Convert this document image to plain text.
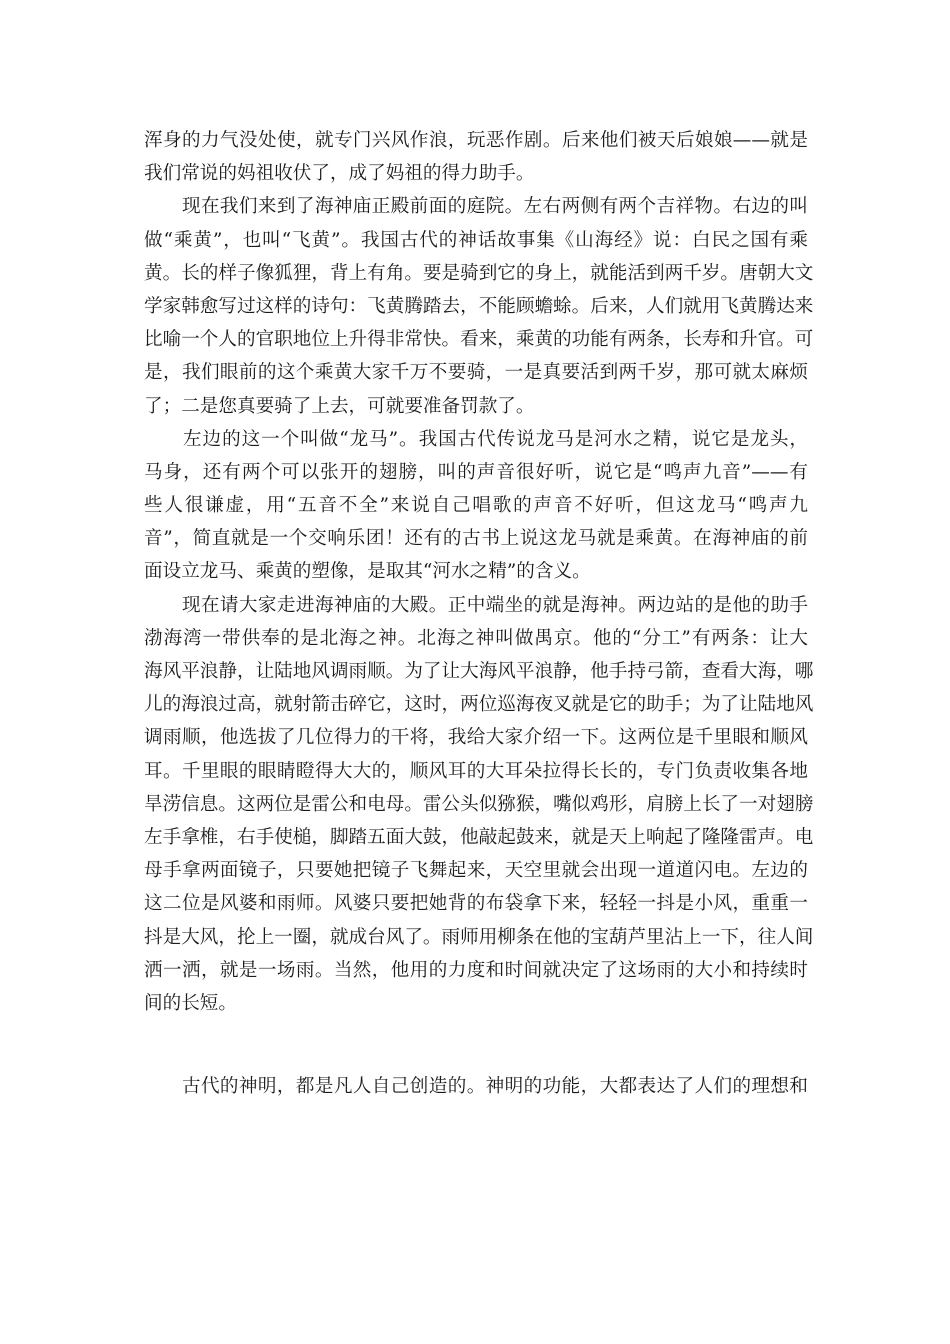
浑身的力气没处使，就专门兴风作浪，玩恶作剧。后来他们被天后娘娘——就是
我们常说的妈祖收伏了，成了妈祖的得力助手。

　　现在我们来到了海神庙正殿前面的庭院。左右两侧有两个吉祥物。右边的叫
做“乘黄”，也叫“飞黄”。我国古代的神话故事集《山海经》说：白民之国有乘
黄。长的样子像狐狸，背上有角。要是骑到它的身上，就能活到两千岁。唐朝大文
学家韩愈写过这样的诗句：飞黄腾踏去，不能顾蟾蜍。后来，人们就用飞黄腾达来
比喻一个人的官职地位上升得非常快。看来，乘黄的功能有两条，长寿和升官。可
是，我们眼前的这个乘黄大家千万不要骑，一是真要活到两千岁，那可就太麻烦
了；二是您真要骑了上去，可就要准备罚款了。

　　左边的这一个叫做“龙马”。我国古代传说龙马是河水之精，说它是龙头，
马身，还有两个可以张开的翅膀，叫的声音很好听，说它是“鸣声九音”——有
些人很谦虚，用“五音不全”来说自己唱歌的声音不好听，但这龙马“鸣声九
音”，简直就是一个交响乐团！还有的古书上说这龙马就是乘黄。在海神庙的前
面设立龙马、乘黄的塑像，是取其“河水之精”的含义。

　　现在请大家走进海神庙的大殿。正中端坐的就是海神。两边站的是他的助手
渤海湾一带供奉的是北海之神。北海之神叫做禺京。他的“分工”有两条：让大
海风平浪静，让陆地风调雨顺。为了让大海风平浪静，他手持弓箭，查看大海，哪
儿的海浪过高，就射箭击碎它，这时，两位巡海夜叉就是它的助手；为了让陆地风
调雨顺，他选拔了几位得力的干将，我给大家介绍一下。这两位是千里眼和顺风
耳。千里眼的眼睛瞪得大大的，顺风耳的大耳朵拉得长长的，专门负责收集各地
旱涝信息。这两位是雷公和电母。雷公头似猕猴，嘴似鸡形，肩膀上长了一对翅膀
左手拿椎，右手使槌，脚踏五面大鼓，他敲起鼓来，就是天上响起了隆隆雷声。电
母手拿两面镜子，只要她把镜子飞舞起来，天空里就会出现一道道闪电。左边的
这二位是风婆和雨师。风婆只要把她背的布袋拿下来，轻轻一抖是小风，重重一
抖是大风，抡上一圈，就成台风了。雨师用柳条在他的宝葫芦里沾上一下，往人间
洒一洒，就是一场雨。当然，他用的力度和时间就决定了这场雨的大小和持续时
间的长短。

　　古代的神明，都是凡人自己创造的。神明的功能，大都表达了人们的理想和
